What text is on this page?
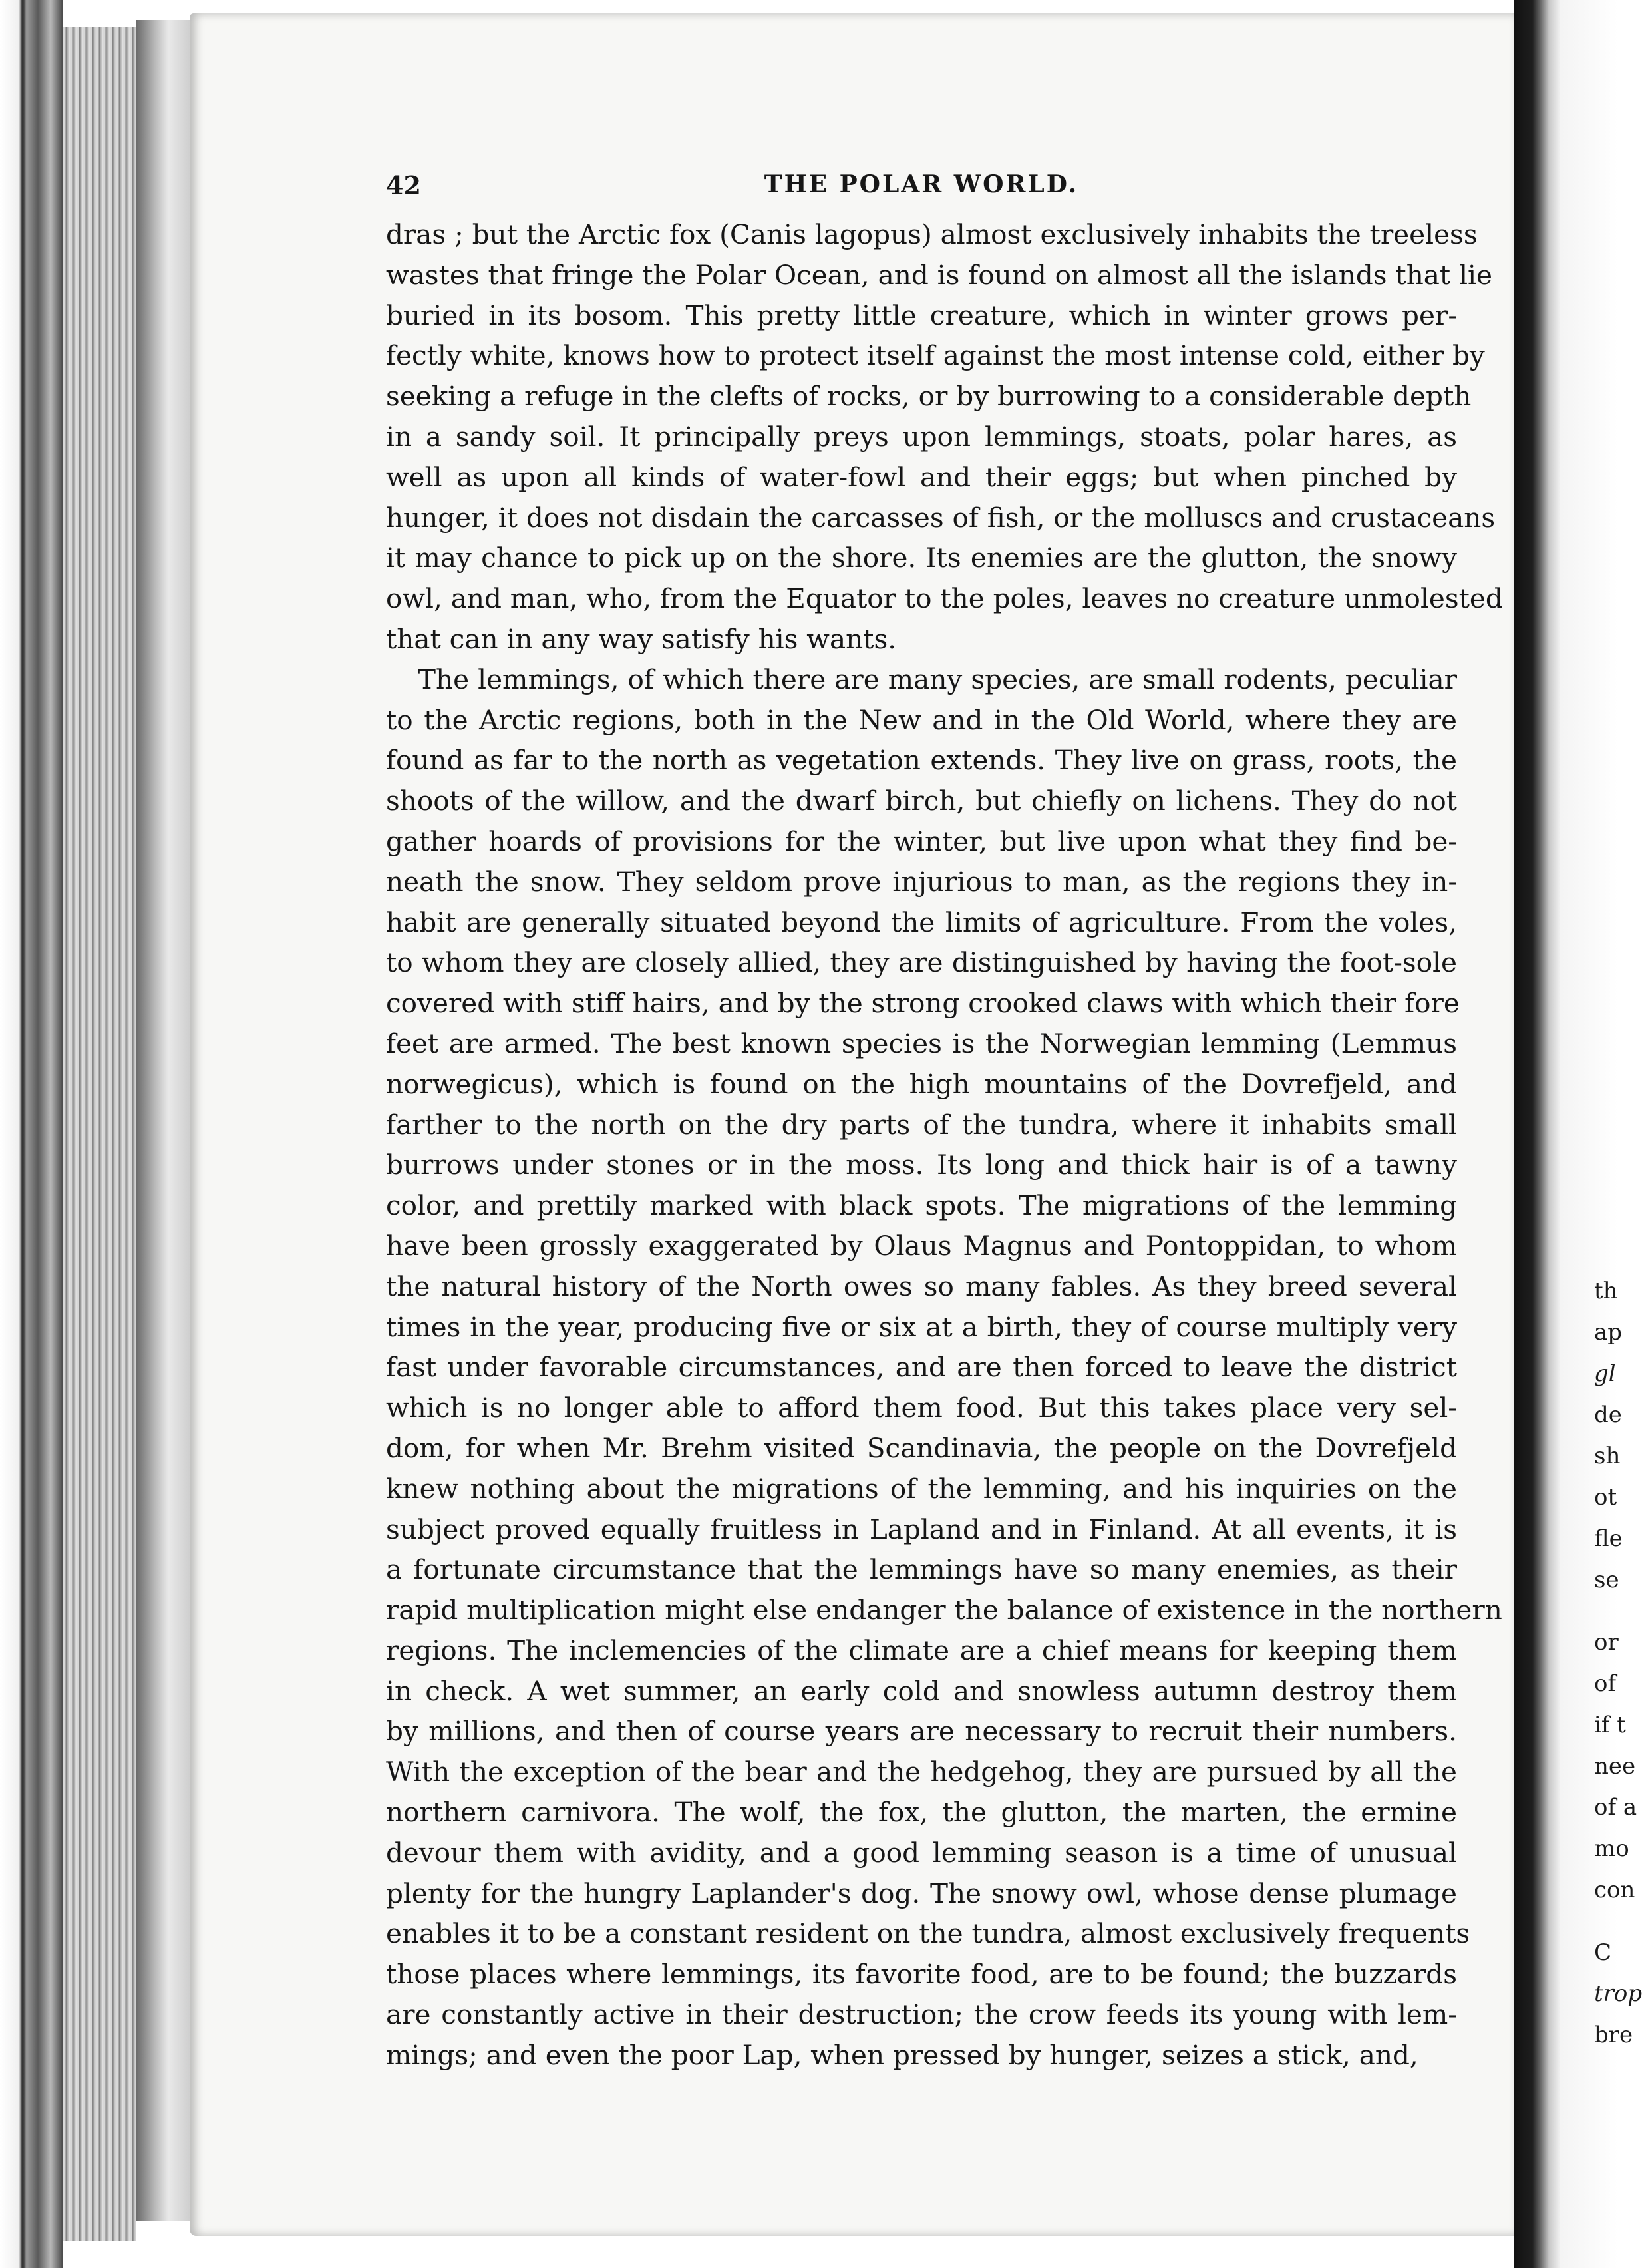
42	THE POLAR WORLD.
dras ; but the Arctic fox (Canis lagopus) almost exclusively inhabits the treeless
wastes that fringe the Polar Ocean, and is found on almost all the islands that lie
buried in its bosom. This pretty little creature, which in winter grows per-
fectly white, knows how to protect itself against the most intense cold, either by
seeking a refuge in the clefts of rocks, or by burrowing to a considerable depth
in a sandy soil. It principally preys upon lemmings, stoats, polar hares, as
well as upon all kinds of water-fowl and their eggs; but when pinched by
hunger, it does not disdain the carcasses of fish, or the molluscs and crustaceans
it may chance to pick up on the shore. Its enemies are the glutton, the snowy
owl, and man, who, from the Equator to the poles, leaves no creature unmolested
that can in any way satisfy his wants.
The lemmings, of which there are many species, are small rodents, peculiar
to the Arctic regions, both in the New and in the Old World, where they are
found as far to the north as vegetation extends. They live on grass, roots, the
shoots of the willow, and the dwarf birch, but chiefly on lichens. They do not
gather hoards of provisions for the winter, but live upon what they find be-
neath the snow. They seldom prove injurious to man, as the regions they in-
habit are generally situated beyond the limits of agriculture. From the voles,
to whom they are closely allied, they are distinguished by having the foot-sole
covered with stiff hairs, and by the strong crooked claws with which their fore
feet are armed. The best known species is the Norwegian lemming (Lemmus
norwegicus), which is found on the high mountains of the Dovrefjeld, and
farther to the north on the dry parts of the tundra, where it inhabits small
burrows under stones or in the moss. Its long and thick hair is of a tawny
color, and prettily marked with black spots. The migrations of the lemming
have been grossly exaggerated by Olaus Magnus and Pontoppidan, to whom
the natural history of the North owes so many fables. As they breed several
times in the year, producing five or six at a birth, they of course multiply very
fast under favorable circumstances, and are then forced to leave the district
which is no longer able to afford them food. But this takes place very sel-
dom, for when Mr. Brehm visited Scandinavia, the people on the Dovrefjeld
knew nothing about the migrations of the lemming, and his inquiries on the
subject proved equally fruitless in Lapland and in Finland. At all events, it is
a fortunate circumstance that the lemmings have so many enemies, as their
rapid multiplication might else endanger the balance of existence in the northern
regions. The inclemencies of the climate are a chief means for keeping them
in check. A wet summer, an early cold and snowless autumn destroy them
by millions, and then of course years are necessary to recruit their numbers.
With the exception of the bear and the hedgehog, they are pursued by all the
northern carnivora. The wolf, the fox, the glutton, the marten, the ermine
devour them with avidity, and a good lemming season is a time of unusual
plenty for the hungry Laplander's dog. The snowy owl, whose dense plumage
enables it to be a constant resident on the tundra, almost exclusively frequents
those places where lemmings, its favorite food, are to be found; the buzzards
are constantly active in their destruction; the crow feeds its young with lem-
mings; and even the poor Lap, when pressed by hunger, seizes a stick, and,
th
ap
gl
de
sh
ot
fle
se
or
of
if t
nee
of a
mo
con
C
trop
bre
